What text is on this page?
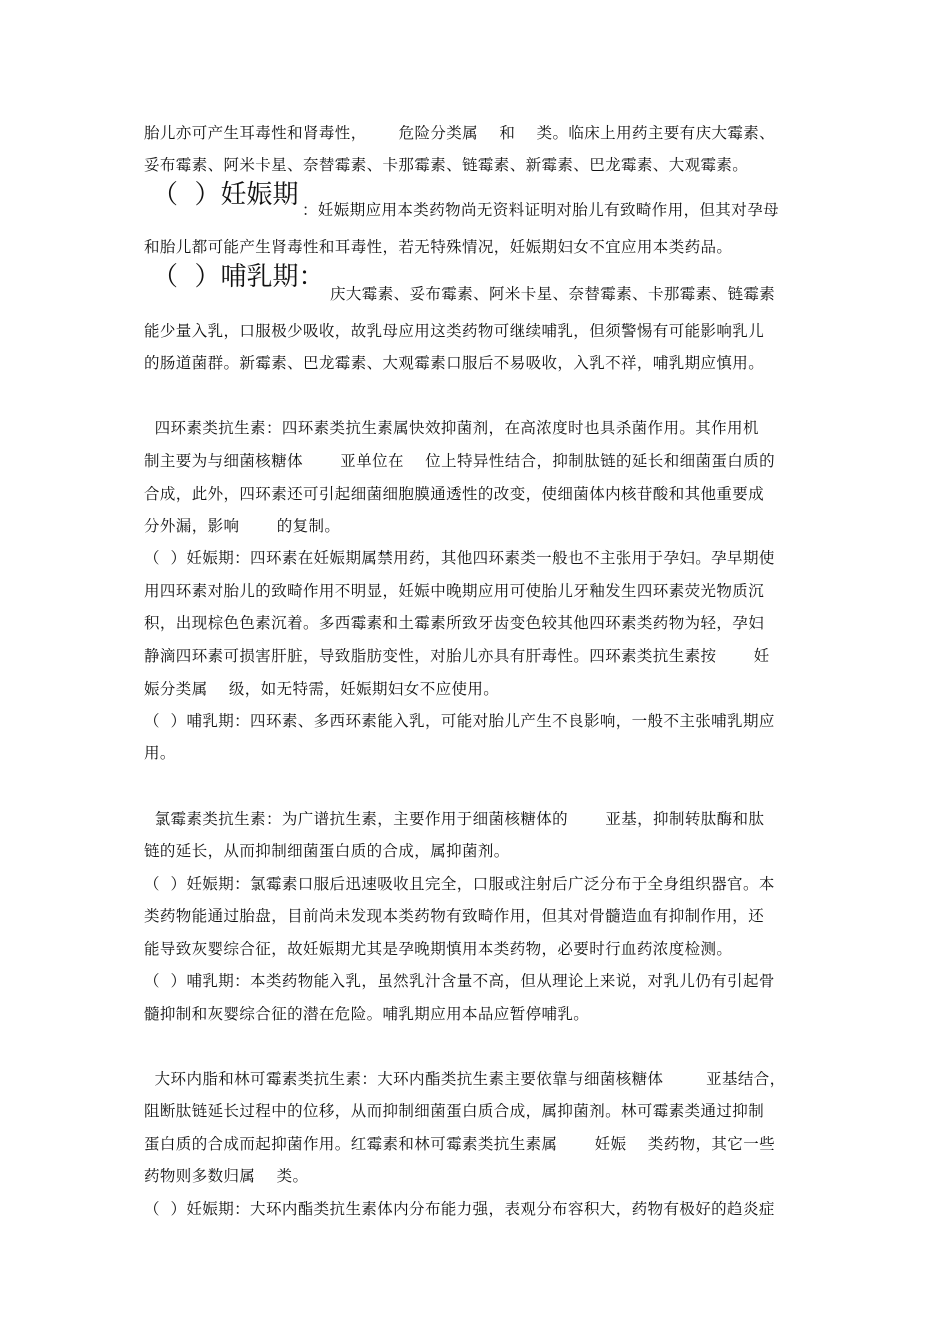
胎儿亦可产生耳毒性和肾毒性，      危险分类属    和    类。临床上用药主要有庆大霉素、
妥布霉素、阿米卡星、奈替霉素、卡那霉素、链霉素、新霉素、巴龙霉素、大观霉素。
（  ）妊娠期 ：妊娠期应用本类药物尚无资料证明对胎儿有致畸作用，但其对孕母
和胎儿都可能产生肾毒性和耳毒性，若无特殊情况，妊娠期妇女不宜应用本类药品。
（  ）哺乳期：
庆大霉素、妥布霉素、阿米卡星、奈替霉素、卡那霉素、链霉素
能少量入乳，口服极少吸收，故乳母应用这类药物可继续哺乳，但须警惕有可能影响乳儿
的肠道菌群。新霉素、巴龙霉素、大观霉素口服后不易吸收，入乳不祥，哺乳期应慎用。
四环素类抗生素：四环素类抗生素属快效抑菌剂，在高浓度时也具杀菌作用。其作用机
制主要为与细菌核糖体       亚单位在    位上特异性结合，抑制肽链的延长和细菌蛋白质的
合成，此外，四环素还可引起细菌细胞膜通透性的改变，使细菌体内核苷酸和其他重要成
分外漏，影响       的复制。
（  ）妊娠期：四环素在妊娠期属禁用药，其他四环素类一般也不主张用于孕妇。孕早期使
用四环素对胎儿的致畸作用不明显，妊娠中晚期应用可使胎儿牙釉发生四环素荧光物质沉
积，出现棕色色素沉着。多西霉素和土霉素所致牙齿变色较其他四环素类药物为轻，孕妇
静滴四环素可损害肝脏，导致脂肪变性，对胎儿亦具有肝毒性。四环素类抗生素按       妊
娠分类属    级，如无特需，妊娠期妇女不应使用。
（  ）哺乳期：四环素、多西环素能入乳，可能对胎儿产生不良影响，一般不主张哺乳期应
用。
氯霉素类抗生素：为广谱抗生素，主要作用于细菌核糖体的       亚基，抑制转肽酶和肽
链的延长，从而抑制细菌蛋白质的合成，属抑菌剂。
（  ）妊娠期：氯霉素口服后迅速吸收且完全，口服或注射后广泛分布于全身组织器官。本
类药物能通过胎盘，目前尚未发现本类药物有致畸作用，但其对骨髓造血有抑制作用，还
能导致灰婴综合征，故妊娠期尤其是孕晚期慎用本类药物，必要时行血药浓度检测。
（  ）哺乳期：本类药物能入乳，虽然乳汁含量不高，但从理论上来说，对乳儿仍有引起骨
髓抑制和灰婴综合征的潜在危险。哺乳期应用本品应暂停哺乳。
大环内脂和林可霉素类抗生素：大环内酯类抗生素主要依靠与细菌核糖体        亚基结合，
阻断肽链延长过程中的位移，从而抑制细菌蛋白质合成，属抑菌剂。林可霉素类通过抑制
蛋白质的合成而起抑菌作用。红霉素和林可霉素类抗生素属       妊娠    类药物，其它一些
药物则多数归属    类。
（  ）妊娠期：大环内酯类抗生素体内分布能力强，表观分布容积大，药物有极好的趋炎症
